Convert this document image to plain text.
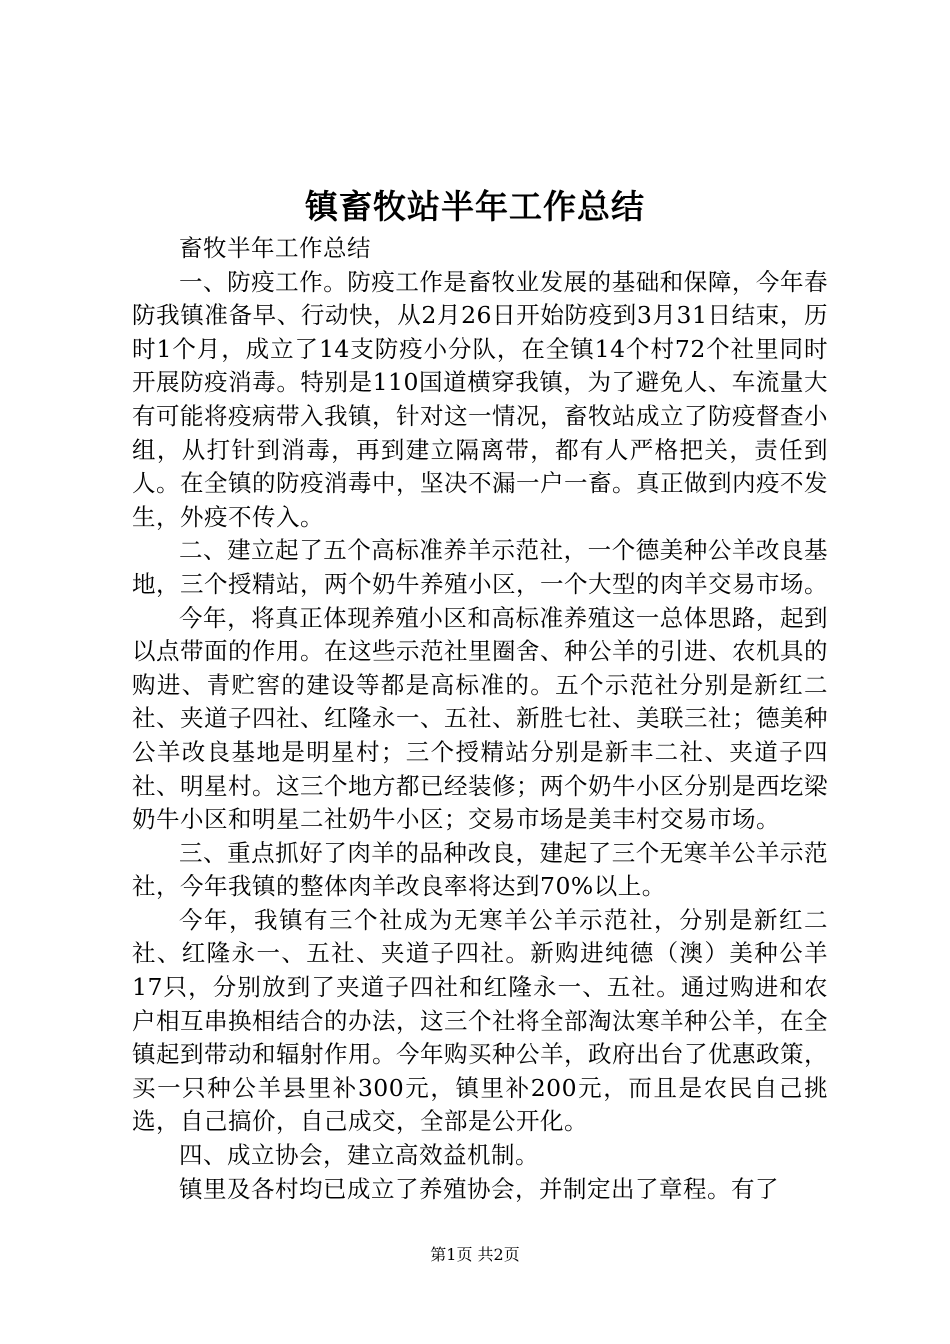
镇畜牧站半年工作总结

畜牧半年工作总结

一、防疫工作。防疫工作是畜牧业发展的基础和保障，今年春防我镇准备早、行动快，从2月26日开始防疫到3月31日结束，历时1个月，成立了14支防疫小分队，在全镇14个村72个社里同时开展防疫消毒。特别是110国道横穿我镇，为了避免人、车流量大有可能将疫病带入我镇，针对这一情况，畜牧站成立了防疫督查小组，从打针到消毒，再到建立隔离带，都有人严格把关，责任到人。在全镇的防疫消毒中，坚决不漏一户一畜。真正做到内疫不发生，外疫不传入。

二、建立起了五个高标准养羊示范社，一个德美种公羊改良基地，三个授精站，两个奶牛养殖小区，一个大型的肉羊交易市场。

今年，将真正体现养殖小区和高标准养殖这一总体思路，起到以点带面的作用。在这些示范社里圈舍、种公羊的引进、农机具的购进、青贮窖的建设等都是高标准的。五个示范社分别是新红二社、夹道子四社、红隆永一、五社、新胜七社、美联三社；德美种公羊改良基地是明星村；三个授精站分别是新丰二社、夹道子四社、明星村。这三个地方都已经装修；两个奶牛小区分别是西圪梁奶牛小区和明星二社奶牛小区；交易市场是美丰村交易市场。

三、重点抓好了肉羊的品种改良，建起了三个无寒羊公羊示范社，今年我镇的整体肉羊改良率将达到70%以上。

今年，我镇有三个社成为无寒羊公羊示范社，分别是新红二社、红隆永一、五社、夹道子四社。新购进纯德（澳）美种公羊17只，分别放到了夹道子四社和红隆永一、五社。通过购进和农户相互串换相结合的办法，这三个社将全部淘汰寒羊种公羊，在全镇起到带动和辐射作用。今年购买种公羊，政府出台了优惠政策，买一只种公羊县里补300元，镇里补200元，而且是农民自己挑选，自己搞价，自己成交，全部是公开化。

四、成立协会，建立高效益机制。

镇里及各村均已成立了养殖协会，并制定出了章程。有了

第1页 共2页
